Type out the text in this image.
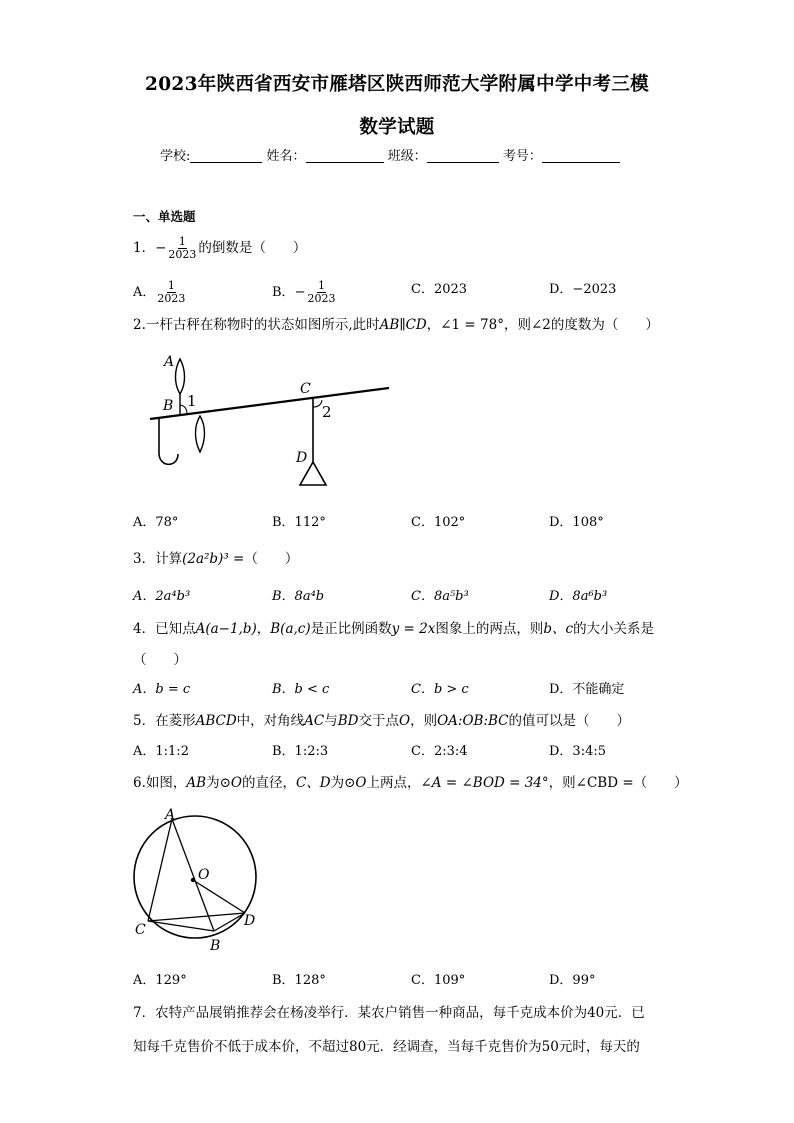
2023年陕西省西安市雁塔区陕西师范大学附属中学中考三模
数学试题
学校:	姓名：	班级：	考号：
一、单选题
1．− $\frac{1}{2023}$ 的倒数是（　　）
A． $\frac{1}{2023}$	B．− $\frac{1}{2023}$	C．2023	D．−2023
2.一杆古秤在称物时的状态如图所示,此时AB∥CD，∠1 = 78°，则∠2的度数为（　　）
A
B 1
C
2
D
A．78°	B．112°	C．102°	D．108°
3．计算(2a²b)³ =（　　）
A．2a⁴b³	B．8a⁴b	C．8a⁵b³	D．8a⁶b³
4．已知点A(a−1,b)，B(a,c)是正比例函数y = 2x图象上的两点，则b、c的大小关系是
（　　）
A．b = c	B．b < c	C．b > c	D．不能确定
5．在菱形ABCD中，对角线AC与BD交于点O，则OA:OB:BC的值可以是（　　）
A．1:1:2	B．1:2:3	C．2:3:4	D．3:4:5
6.如图，AB为⊙O的直径，C、D为⊙O上两点，∠A = ∠BOD = 34°，则∠CBD =（　　）
A
O
C
D
B
A．129°	B．128°	C．109°	D．99°
7．农特产品展销推荐会在杨凌举行．某农户销售一种商品，每千克成本价为40元．已
知每千克售价不低于成本价，不超过80元．经调查，当每千克售价为50元时，每天的
